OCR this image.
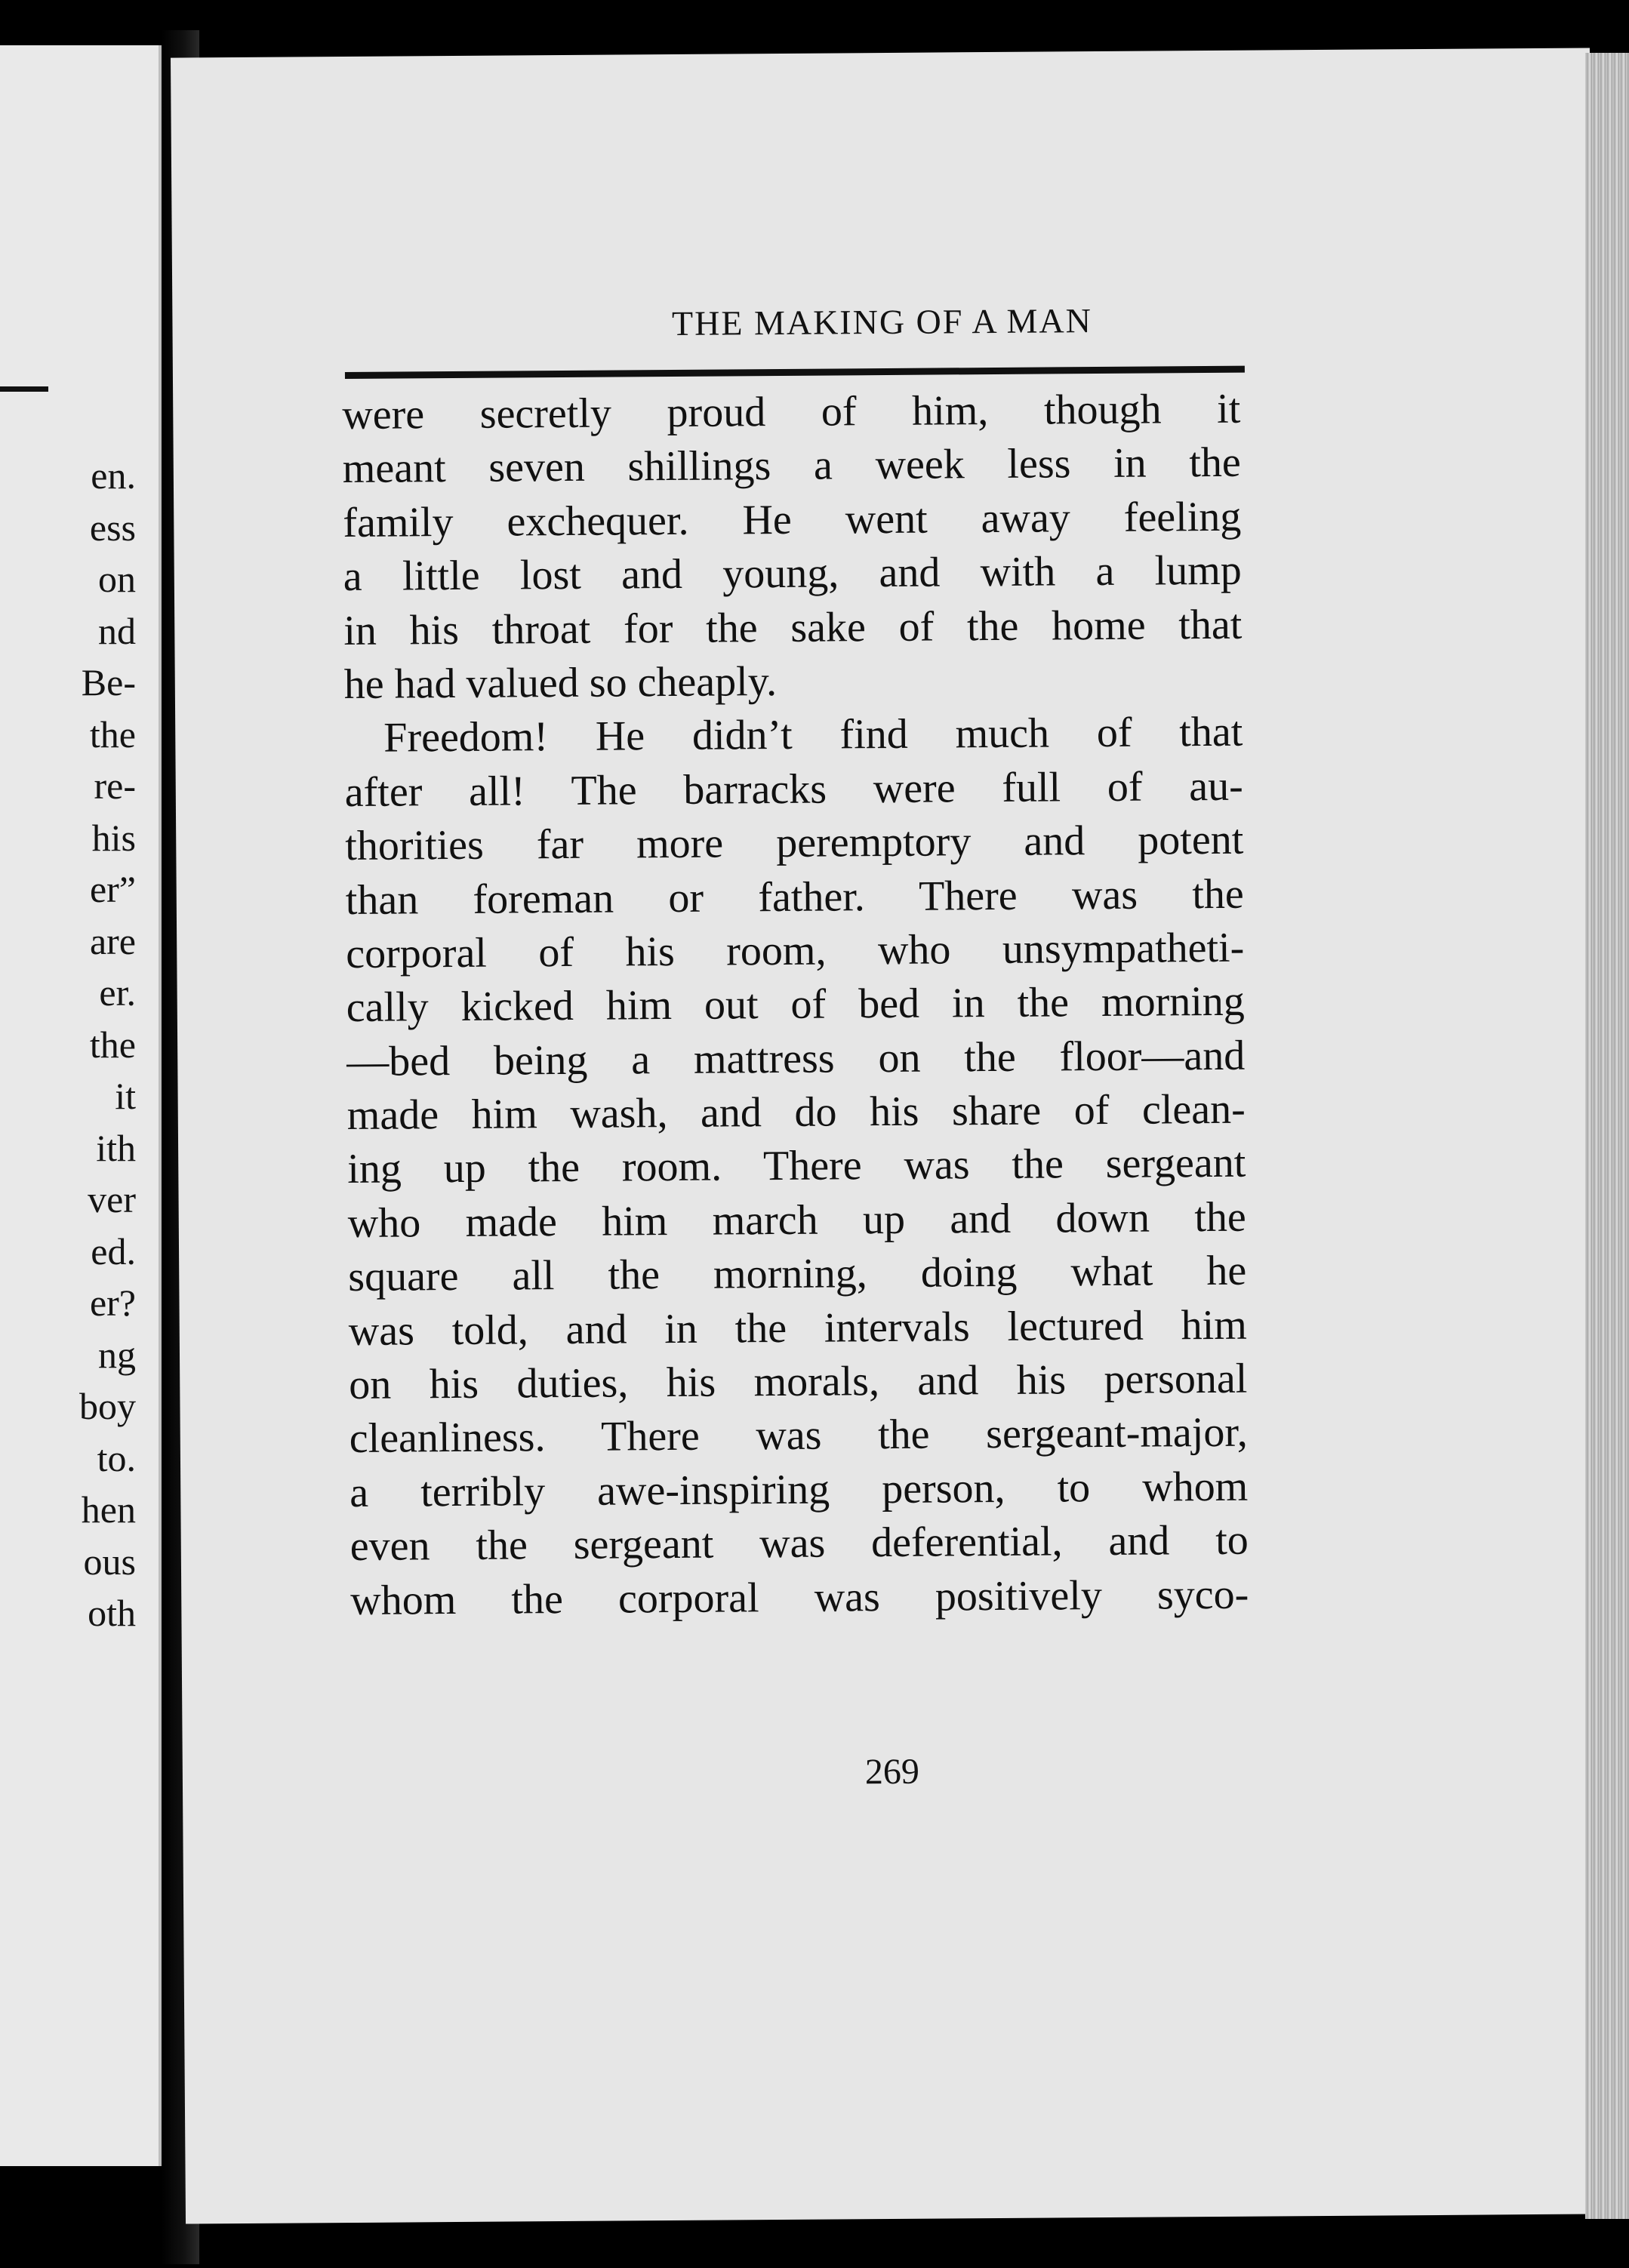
en.
ess
on
nd
Be-
the
re-
his
er”
are
er.
the
it
ith
ver
ed.
er?
ng
boy
to.
hen
ous
oth
THE MAKING OF A MAN
were secretly proud of him, though it
meant seven shillings a week less in the
family exchequer. He went away feeling
a little lost and young, and with a lump
in his throat for the sake of the home that
he had valued so cheaply.
Freedom! He didn’t find much of that
after all! The barracks were full of au-
thorities far more peremptory and potent
than foreman or father. There was the
corporal of his room, who unsympatheti-
cally kicked him out of bed in the morning
—bed being a mattress on the floor—and
made him wash, and do his share of clean-
ing up the room. There was the sergeant
who made him march up and down the
square all the morning, doing what he
was told, and in the intervals lectured him
on his duties, his morals, and his personal
cleanliness. There was the sergeant-major,
a terribly awe-inspiring person, to whom
even the sergeant was deferential, and to
whom the corporal was positively syco-
269
